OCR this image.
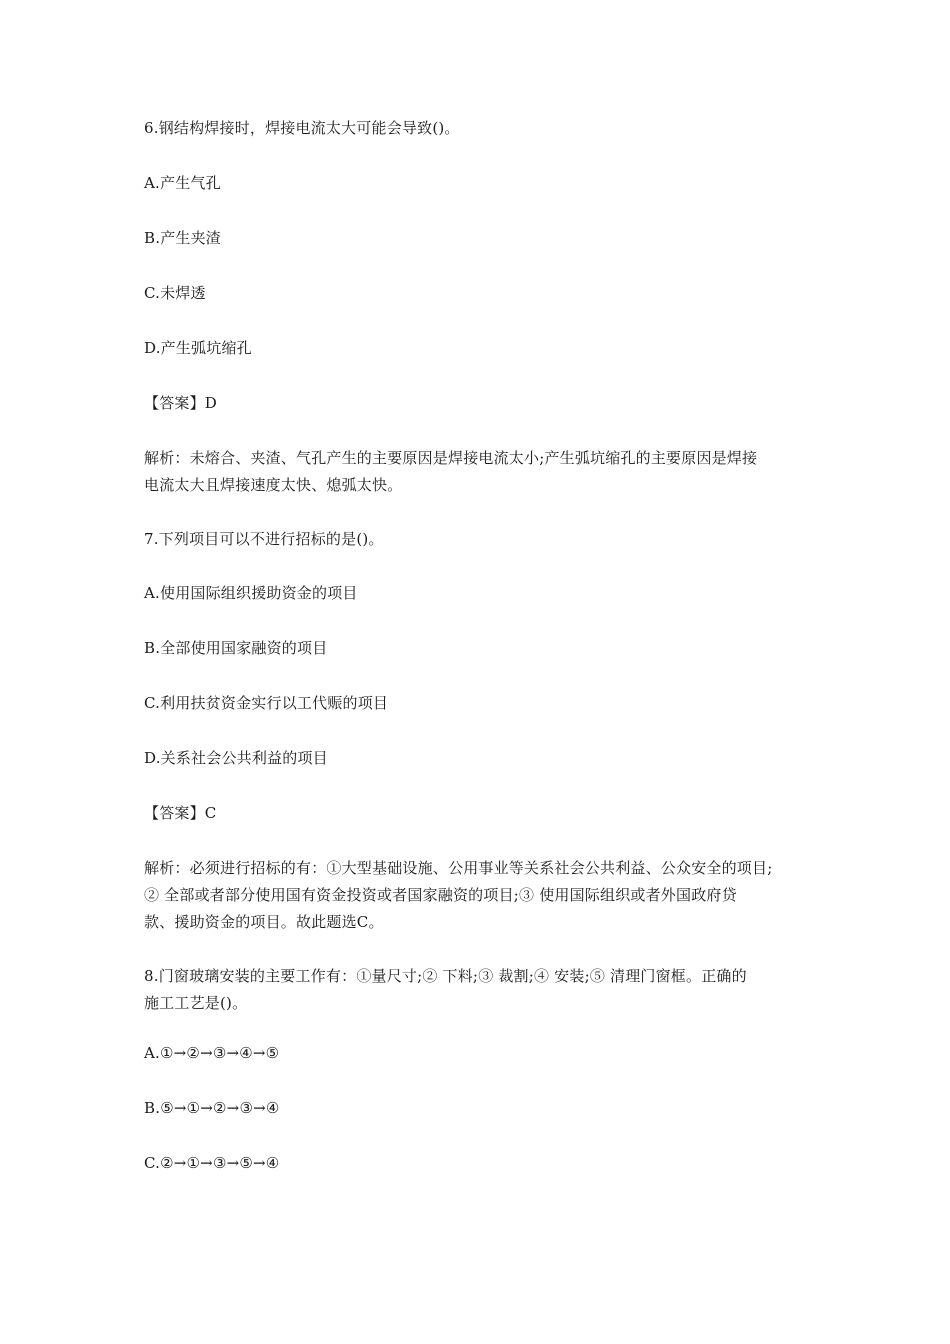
6.钢结构焊接时，焊接电流太大可能会导致()。
A.产生气孔
B.产生夹渣
C.未焊透
D.产生弧坑缩孔
【答案】D
解析：未熔合、夹渣、气孔产生的主要原因是焊接电流太小;产生弧坑缩孔的主要原因是焊接
电流太大且焊接速度太快、熄弧太快。
7.下列项目可以不进行招标的是()。
A.使用国际组织援助资金的项目
B.全部使用国家融资的项目
C.利用扶贫资金实行以工代赈的项目
D.关系社会公共利益的项目
【答案】C
解析：必须进行招标的有：①大型基础设施、公用事业等关系社会公共利益、公众安全的项目;
② 全部或者部分使用国有资金投资或者国家融资的项目;③ 使用国际组织或者外国政府贷
款、援助资金的项目。故此题选C。
8.门窗玻璃安装的主要工作有：①量尺寸;② 下料;③ 裁割;④ 安装;⑤ 清理门窗框。正确的
施工工艺是()。
A.①→②→③→④→⑤
B.⑤→①→②→③→④
C.②→①→③→⑤→④
